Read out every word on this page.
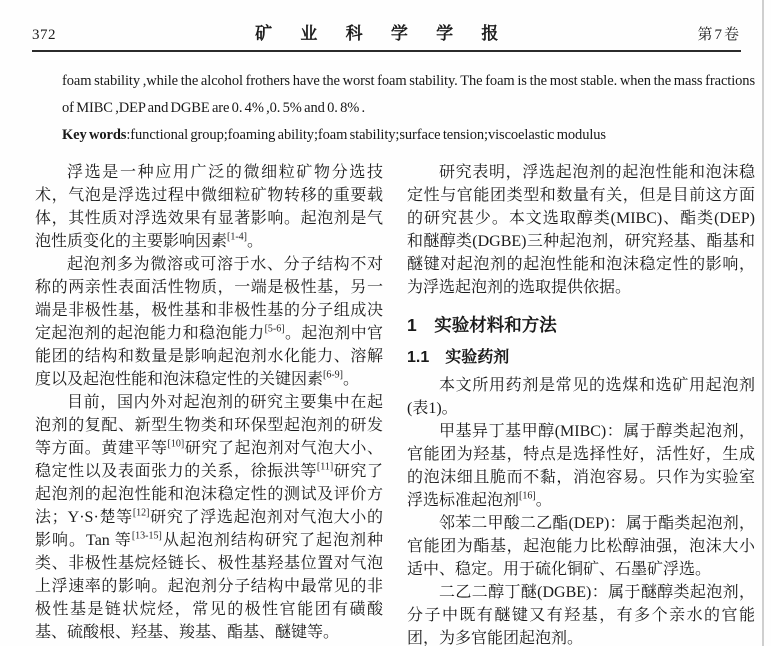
372	矿 业 科 学 学 报	第7卷

foam stability ,while the alcohol frothers have the worst foam stability. The foam is the most stable. when the mass fractions of MIBC ,DEP and DGBE are 0. 4% ,0. 5% and 0. 8% .

Key words:functional group;foaming ability;foam stability;surface tension;viscoelastic modulus

浮选是一种应用广泛的微细粒矿物分选技术，气泡是浮选过程中微细粒矿物转移的重要载体，其性质对浮选效果有显著影响。起泡剂是气泡性质变化的主要影响因素[1-4]。

起泡剂多为微溶或可溶于水、分子结构不对称的两亲性表面活性物质，一端是极性基，另一端是非极性基，极性基和非极性基的分子组成决定起泡剂的起泡能力和稳泡能力[5-6]。起泡剂中官能团的结构和数量是影响起泡剂水化能力、溶解度以及起泡性能和泡沫稳定性的关键因素[6-9]。

目前，国内外对起泡剂的研究主要集中在起泡剂的复配、新型生物类和环保型起泡剂的研发等方面。黄建平等[10]研究了起泡剂对气泡大小、稳定性以及表面张力的关系，徐振洪等[11]研究了起泡剂的起泡性能和泡沫稳定性的测试及评价方法；Y·S·楚等[12]研究了浮选起泡剂对气泡大小的影响。Tan 等[13-15]从起泡剂结构研究了起泡剂种类、非极性基烷烃链长、极性基羟基位置对气泡上浮速率的影响。起泡剂分子结构中最常见的非极性基是链状烷烃，常见的极性官能团有磺酸基、硫酸根、羟基、羧基、酯基、醚键等。

研究表明，浮选起泡剂的起泡性能和泡沫稳定性与官能团类型和数量有关，但是目前这方面的研究甚少。本文选取醇类(MIBC)、酯类(DEP)和醚醇类(DGBE)三种起泡剂，研究羟基、酯基和醚键对起泡剂的起泡性能和泡沫稳定性的影响，为浮选起泡剂的选取提供依据。

1　实验材料和方法
1.1　实验药剂

本文所用药剂是常见的选煤和选矿用起泡剂(表1)。

甲基异丁基甲醇(MIBC)：属于醇类起泡剂，官能团为羟基，特点是选择性好，活性好，生成的泡沫细且脆而不黏，消泡容易。只作为实验室浮选标准起泡剂[16]。

邻苯二甲酸二乙酯(DEP)：属于酯类起泡剂，官能团为酯基，起泡能力比松醇油强，泡沫大小适中、稳定。用于硫化铜矿、石墨矿浮选。

二乙二醇丁醚(DGBE)：属于醚醇类起泡剂，分子中既有醚键又有羟基，有多个亲水的官能团，为多官能团起泡剂。
